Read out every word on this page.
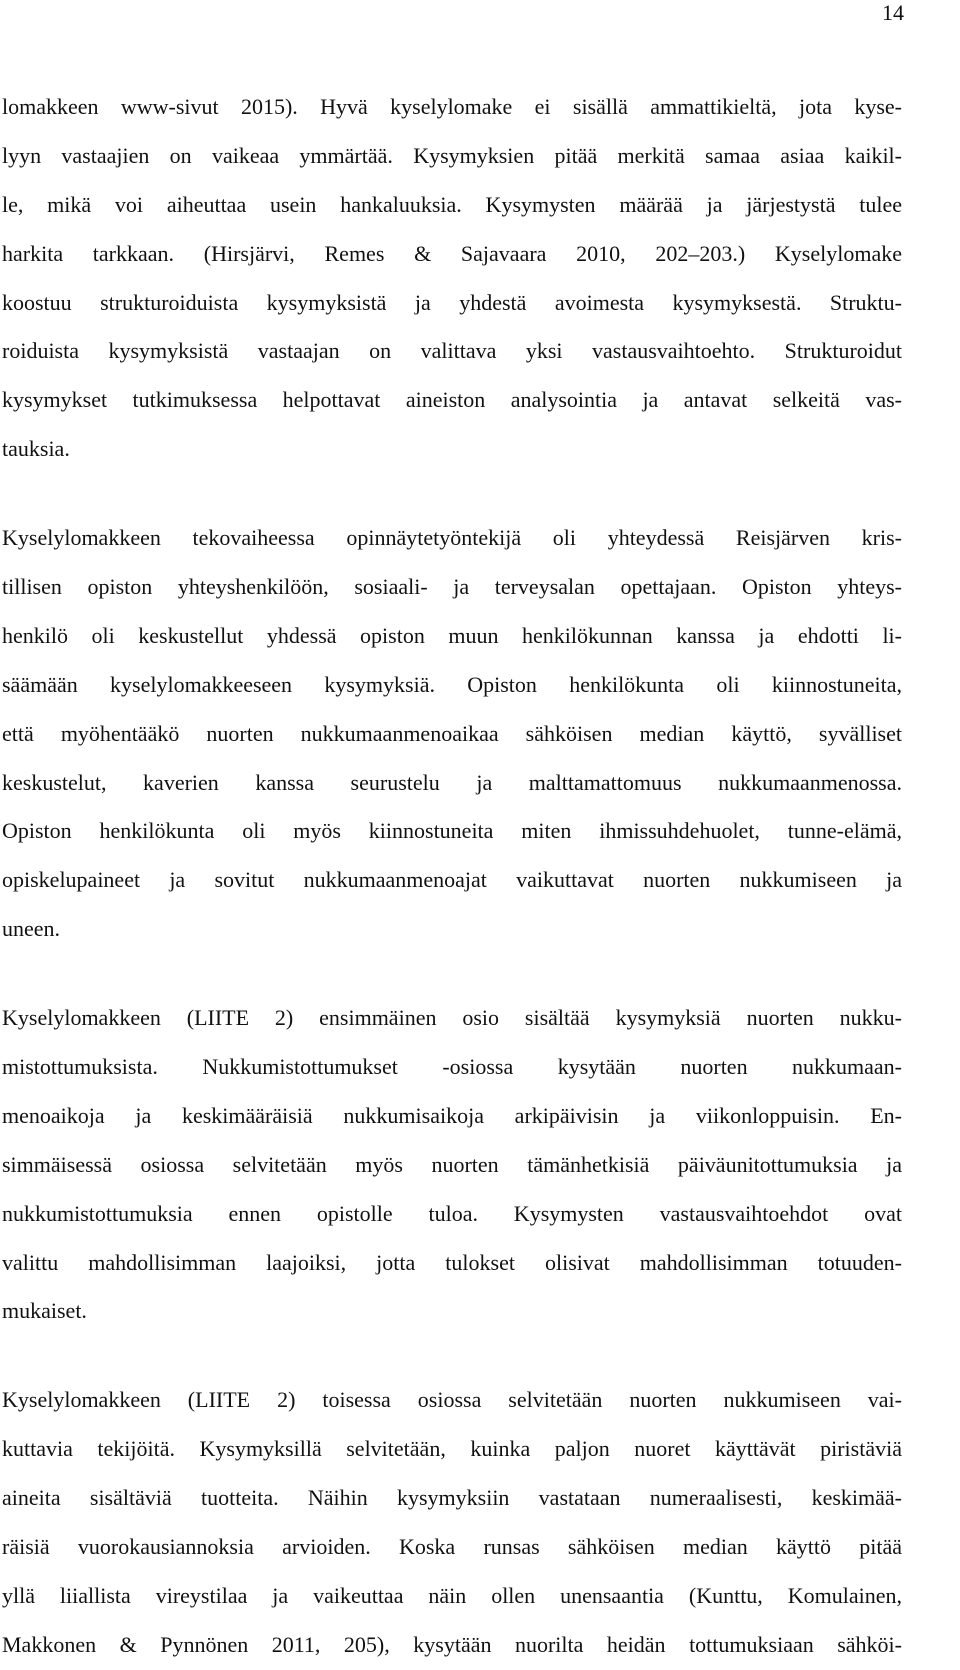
14
lomakkeen www-sivut 2015). Hyvä kyselylomake ei sisällä ammattikieltä, jota kyse-
lyyn vastaajien on vaikeaa ymmärtää. Kysymyksien pitää merkitä samaa asiaa kaikil-
le, mikä voi aiheuttaa usein hankaluuksia. Kysymysten määrää ja järjestystä tulee
harkita tarkkaan. (Hirsjärvi, Remes & Sajavaara 2010, 202–203.) Kyselylomake
koostuu strukturoiduista kysymyksistä ja yhdestä avoimesta kysymyksestä. Struktu-
roiduista kysymyksistä vastaajan on valittava yksi vastausvaihtoehto. Strukturoidut
kysymykset tutkimuksessa helpottavat aineiston analysointia ja antavat selkeitä vas-
tauksia.
Kyselylomakkeen tekovaiheessa opinnäytetyöntekijä oli yhteydessä Reisjärven kris-
tillisen opiston yhteyshenkilöön, sosiaali- ja terveysalan opettajaan. Opiston yhteys-
henkilö oli keskustellut yhdessä opiston muun henkilökunnan kanssa ja ehdotti li-
säämään kyselylomakkeeseen kysymyksiä. Opiston henkilökunta oli kiinnostuneita,
että myöhentääkö nuorten nukkumaanmenoaikaa sähköisen median käyttö, syvälliset
keskustelut, kaverien kanssa seurustelu ja malttamattomuus nukkumaanmenossa.
Opiston henkilökunta oli myös kiinnostuneita miten ihmissuhdehuolet, tunne-elämä,
opiskelupaineet ja sovitut nukkumaanmenoajat vaikuttavat nuorten nukkumiseen ja
uneen.
Kyselylomakkeen (LIITE 2) ensimmäinen osio sisältää kysymyksiä nuorten nukku-
mistottumuksista. Nukkumistottumukset -osiossa kysytään nuorten nukkumaan-
menoaikoja ja keskimääräisiä nukkumisaikoja arkipäivisin ja viikonloppuisin. En-
simmäisessä osiossa selvitetään myös nuorten tämänhetkisiä päiväunitottumuksia ja
nukkumistottumuksia ennen opistolle tuloa. Kysymysten vastausvaihtoehdot ovat
valittu mahdollisimman laajoiksi, jotta tulokset olisivat mahdollisimman totuuden-
mukaiset.
Kyselylomakkeen (LIITE 2) toisessa osiossa selvitetään nuorten nukkumiseen vai-
kuttavia tekijöitä. Kysymyksillä selvitetään, kuinka paljon nuoret käyttävät piristäviä
aineita sisältäviä tuotteita. Näihin kysymyksiin vastataan numeraalisesti, keskimää-
räisiä vuorokausiannoksia arvioiden. Koska runsas sähköisen median käyttö pitää
yllä liiallista vireystilaa ja vaikeuttaa näin ollen unensaantia (Kunttu, Komulainen,
Makkonen & Pynnönen 2011, 205), kysytään nuorilta heidän tottumuksiaan sähköi-
